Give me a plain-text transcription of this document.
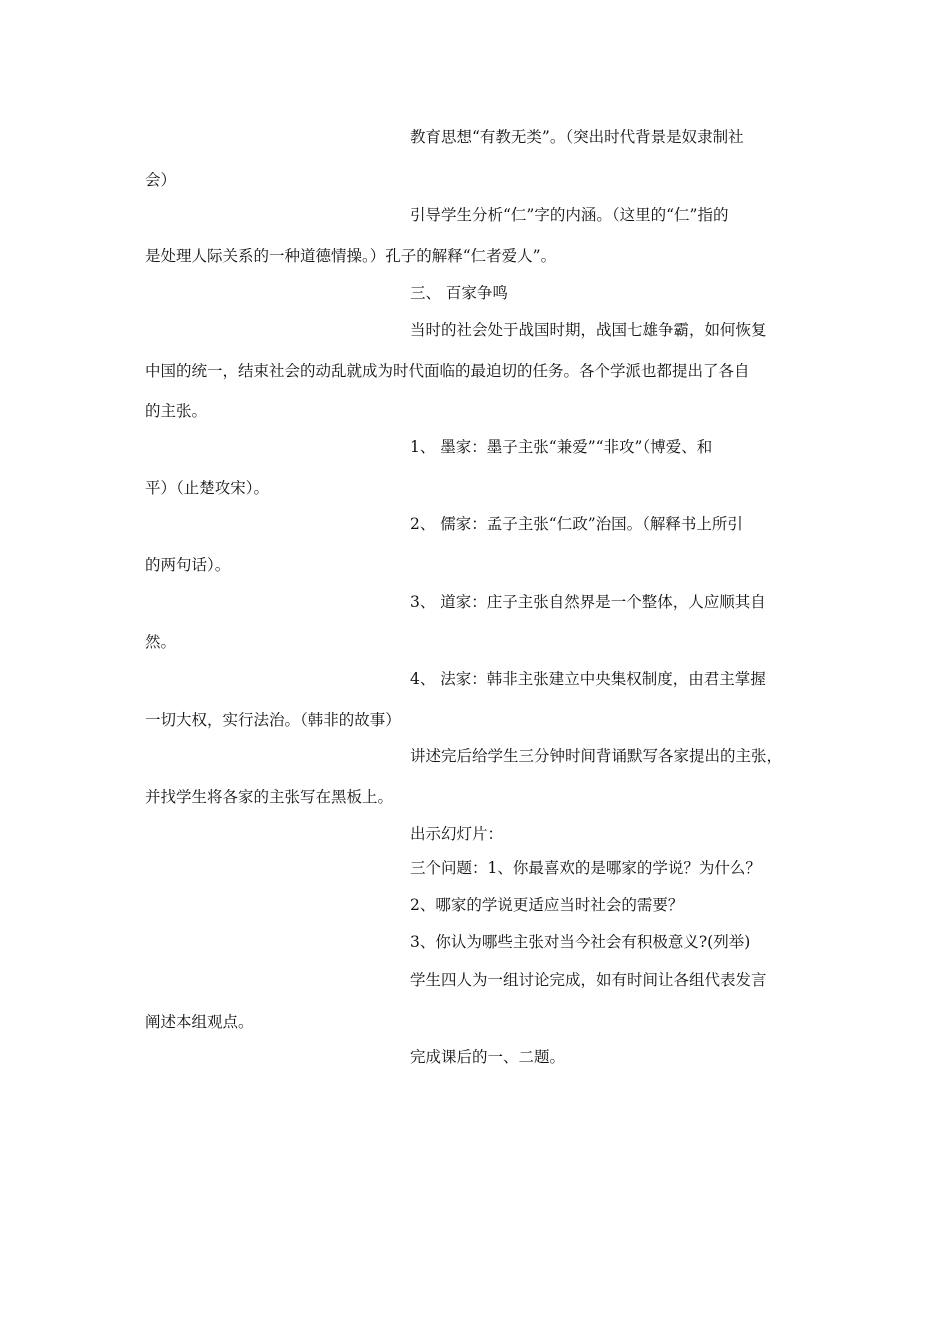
教育思想“有教无类”。（突出时代背景是奴隶制社
会）
引导学生分析“仁”字的内涵。（这里的“仁”指的
是处理人际关系的一种道德情操。）孔子的解释“仁者爱人”。
三、 百家争鸣
当时的社会处于战国时期，战国七雄争霸，如何恢复
中国的统一，结束社会的动乱就成为时代面临的最迫切的任务。各个学派也都提出了各自
的主张。
1、 墨家：墨子主张“兼爱”“非攻”（博爱、和
平）（止楚攻宋）。
2、 儒家：孟子主张“仁政”治国。（解释书上所引
的两句话）。
3、 道家：庄子主张自然界是一个整体，人应顺其自
然。
4、 法家：韩非主张建立中央集权制度，由君主掌握
一切大权，实行法治。（韩非的故事）
讲述完后给学生三分钟时间背诵默写各家提出的主张，
并找学生将各家的主张写在黑板上。
出示幻灯片：
三个问题：1、你最喜欢的是哪家的学说？为什么？
2、哪家的学说更适应当时社会的需要？
3、你认为哪些主张对当今社会有积极意义?(列举)
学生四人为一组讨论完成，如有时间让各组代表发言
阐述本组观点。
完成课后的一、二题。
